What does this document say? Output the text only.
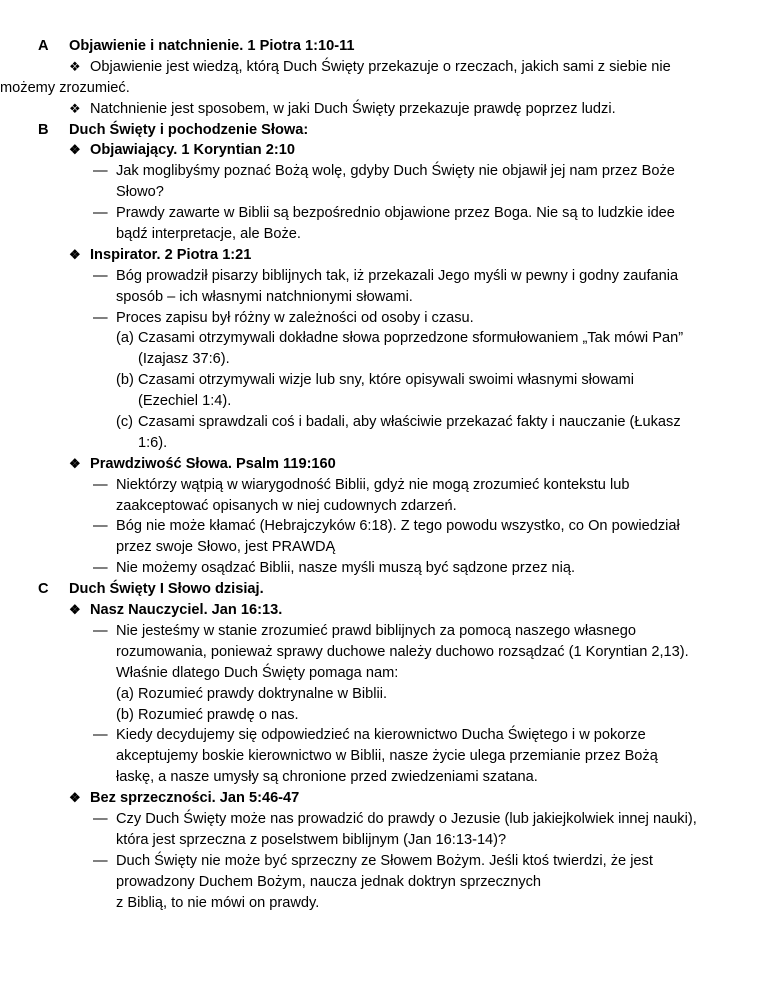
A Objawienie i natchnienie. 1 Piotra 1:10-11
❖ Objawienie jest wiedzą, którą Duch Święty przekazuje o rzeczach, jakich sami z siebie nie
możemy zrozumieć.
❖ Natchnienie jest sposobem, w jaki Duch Święty przekazuje prawdę poprzez ludzi.
B Duch Święty i pochodzenie Słowa:
❖ Objawiający. 1 Koryntian 2:10
— Jak moglibyśmy poznać Bożą wolę, gdyby Duch Święty nie objawił jej nam przez Boże
Słowo?
— Prawdy zawarte w Biblii są bezpośrednio objawione przez Boga. Nie są to ludzkie idee
bądź interpretacje, ale Boże.
❖ Inspirator. 2 Piotra 1:21
— Bóg prowadził pisarzy biblijnych tak, iż przekazali Jego myśli w pewny i godny zaufania
sposób – ich własnymi natchnionymi słowami.
— Proces zapisu był różny w zależności od osoby i czasu.
(a) Czasami otrzymywali dokładne słowa poprzedzone sformułowaniem „Tak mówi Pan”
(Izajasz 37:6).
(b) Czasami otrzymywali wizje lub sny, które opisywali swoimi własnymi słowami
(Ezechiel 1:4).
(c) Czasami sprawdzali coś i badali, aby właściwie przekazać fakty i nauczanie (Łukasz
1:6).
❖ Prawdziwość Słowa. Psalm 119:160
— Niektórzy wątpią w wiarygodność Biblii, gdyż nie mogą zrozumieć kontekstu lub
zaakceptować opisanych w niej cudownych zdarzeń.
— Bóg nie może kłamać (Hebrajczyków 6:18). Z tego powodu wszystko, co On powiedział
przez swoje Słowo, jest PRAWDĄ
— Nie możemy osądzać Biblii, nasze myśli muszą być sądzone przez nią.
C Duch Święty I Słowo dzisiaj.
❖ Nasz Nauczyciel. Jan 16:13.
— Nie jesteśmy w stanie zrozumieć prawd biblijnych za pomocą naszego własnego
rozumowania, ponieważ sprawy duchowe należy duchowo rozsądzać (1 Koryntian 2,13).
Właśnie dlatego Duch Święty pomaga nam:
(a) Rozumieć prawdy doktrynalne w Biblii.
(b) Rozumieć prawdę o nas.
— Kiedy decydujemy się odpowiedzieć na kierownictwo Ducha Świętego i w pokorze
akceptujemy boskie kierownictwo w Biblii, nasze życie ulega przemianie przez Bożą
łaskę, a nasze umysły są chronione przed zwiedzeniami szatana.
❖ Bez sprzeczności. Jan 5:46-47
— Czy Duch Święty może nas prowadzić do prawdy o Jezusie (lub jakiejkolwiek innej nauki),
która jest sprzeczna z poselstwem biblijnym (Jan 16:13-14)?
— Duch Święty nie może być sprzeczny ze Słowem Bożym. Jeśli ktoś twierdzi, że jest
prowadzony Duchem Bożym, naucza jednak doktryn sprzecznych
z Biblią, to nie mówi on prawdy.
